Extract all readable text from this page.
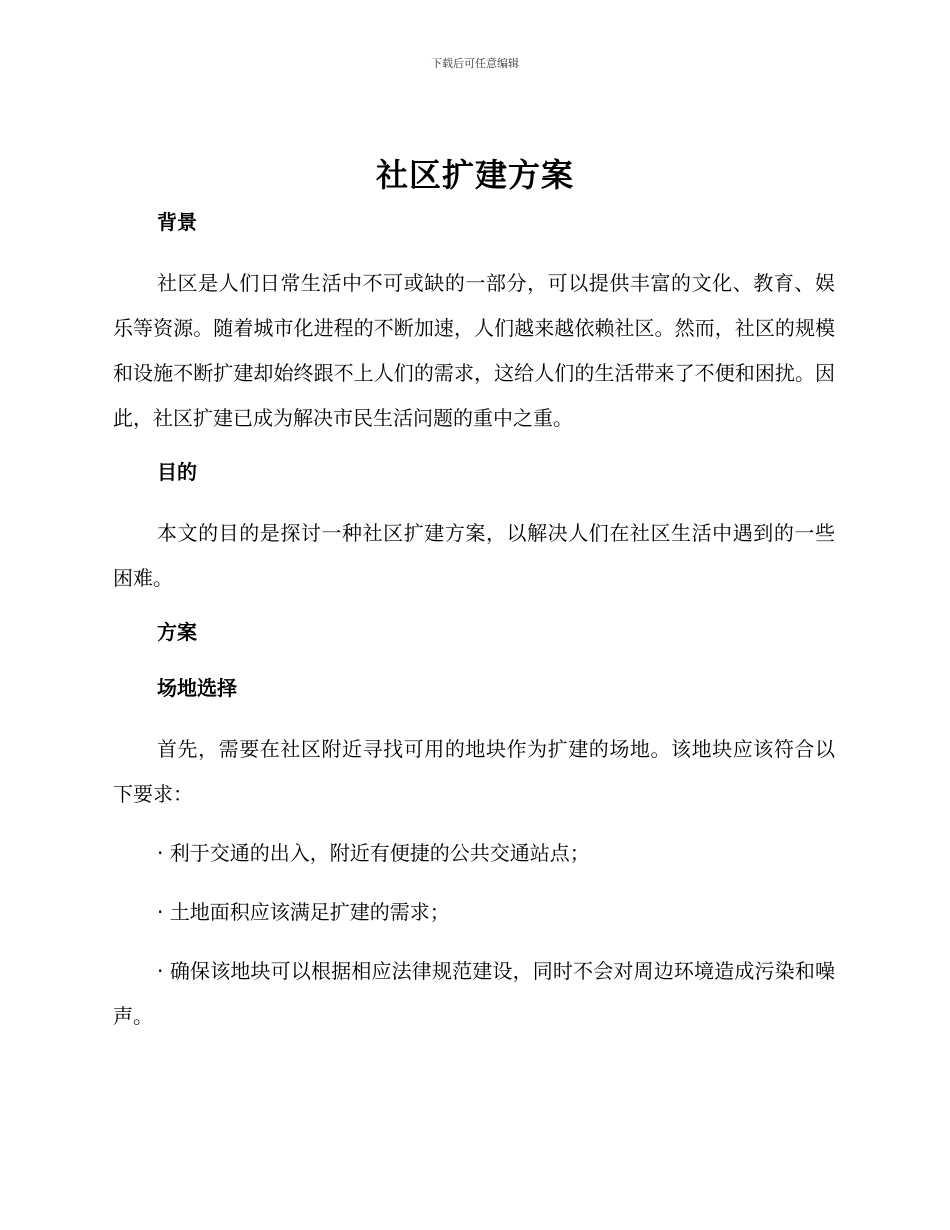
下载后可任意编辑
社区扩建方案
背景

社区是人们日常生活中不可或缺的一部分，可以提供丰富的文化、教育、娱乐等资源。随着城市化进程的不断加速，人们越来越依赖社区。然而，社区的规模和设施不断扩建却始终跟不上人们的需求，这给人们的生活带来了不便和困扰。因此，社区扩建已成为解决市民生活问题的重中之重。

目的

本文的目的是探讨一种社区扩建方案，以解决人们在社区生活中遇到的一些困难。

方案
场地选择

首先，需要在社区附近寻找可用的地块作为扩建的场地。该地块应该符合以下要求：

· 利于交通的出入，附近有便捷的公共交通站点；

· 土地面积应该满足扩建的需求；

· 确保该地块可以根据相应法律规范建设，同时不会对周边环境造成污染和噪声。
